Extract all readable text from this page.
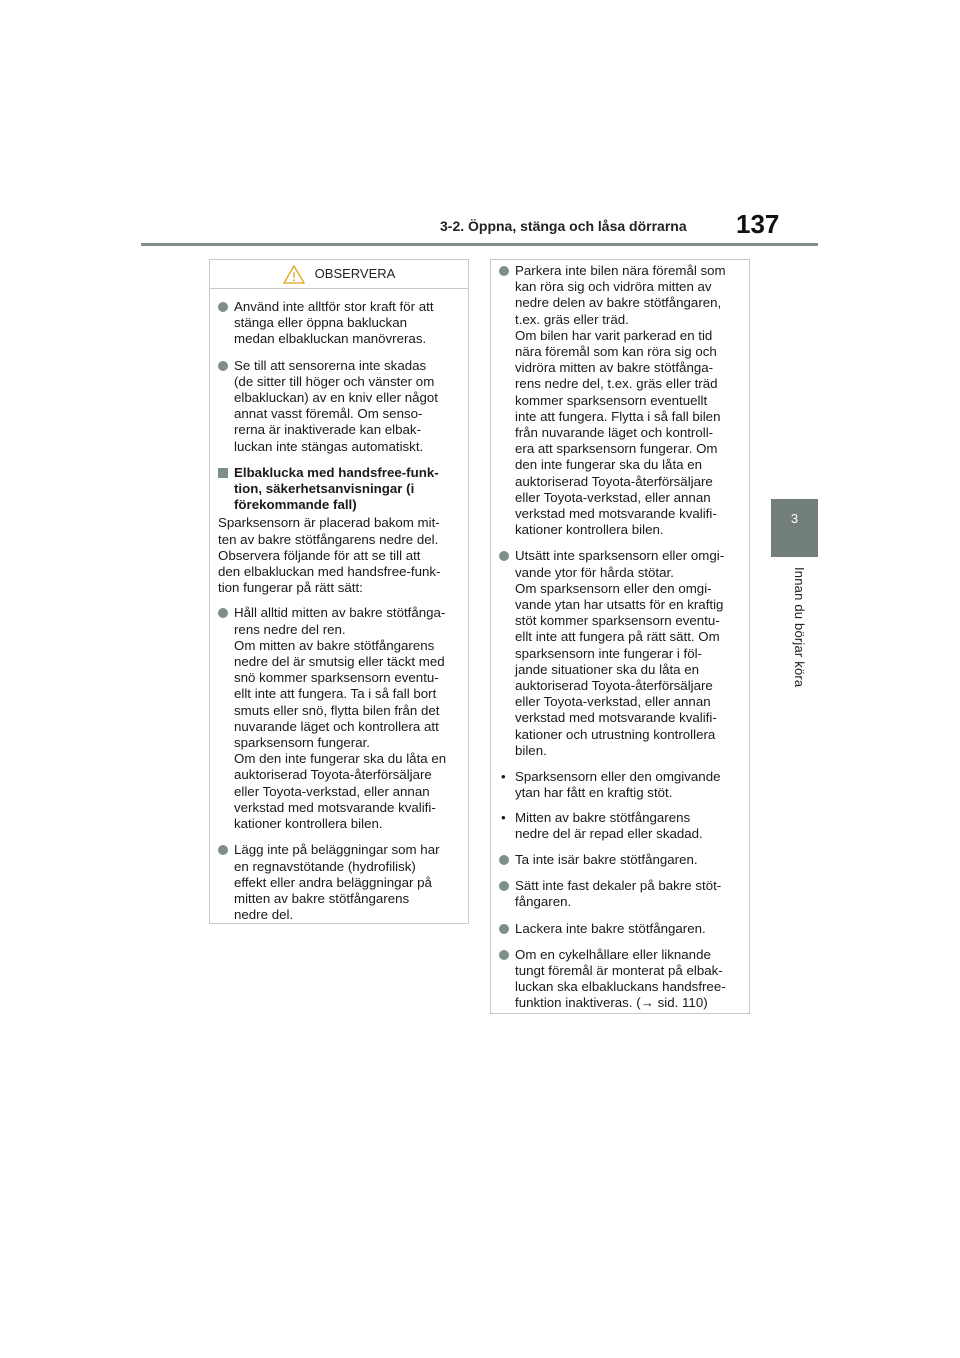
3-2. Öppna, stänga och låsa dörrarna 137
3
Innan du börjar köra
OBSERVERA
Använd inte alltför stor kraft för att
stänga eller öppna bakluckan
medan elbakluckan manövreras.
Se till att sensorerna inte skadas
(de sitter till höger och vänster om
elbakluckan) av en kniv eller något
annat vasst föremål. Om senso-
rerna är inaktiverade kan elbak-
luckan inte stängas automatiskt.
Elbaklucka med handsfree-funk-
tion, säkerhetsanvisningar (i
förekommande fall)
Sparksensorn är placerad bakom mit-
ten av bakre stötfångarens nedre del.
Observera följande för att se till att
den elbakluckan med handsfree-funk-
tion fungerar på rätt sätt:
Håll alltid mitten av bakre stötfånga-
rens nedre del ren.
Om mitten av bakre stötfångarens
nedre del är smutsig eller täckt med
snö kommer sparksensorn eventu-
ellt inte att fungera. Ta i så fall bort
smuts eller snö, flytta bilen från det
nuvarande läget och kontrollera att
sparksensorn fungerar.
Om den inte fungerar ska du låta en
auktoriserad Toyota-återförsäljare
eller Toyota-verkstad, eller annan
verkstad med motsvarande kvalifi-
kationer kontrollera bilen.
Lägg inte på beläggningar som har
en regnavstötande (hydrofilisk)
effekt eller andra beläggningar på
mitten av bakre stötfångarens
nedre del.
Parkera inte bilen nära föremål som
kan röra sig och vidröra mitten av
nedre delen av bakre stötfångaren,
t.ex. gräs eller träd.
Om bilen har varit parkerad en tid
nära föremål som kan röra sig och
vidröra mitten av bakre stötfånga-
rens nedre del, t.ex. gräs eller träd
kommer sparksensorn eventuellt
inte att fungera. Flytta i så fall bilen
från nuvarande läget och kontroll-
era att sparksensorn fungerar. Om
den inte fungerar ska du låta en
auktoriserad Toyota-återförsäljare
eller Toyota-verkstad, eller annan
verkstad med motsvarande kvalifi-
kationer kontrollera bilen.
Utsätt inte sparksensorn eller omgi-
vande ytor för hårda stötar.
Om sparksensorn eller den omgi-
vande ytan har utsatts för en kraftig
stöt kommer sparksensorn eventu-
ellt inte att fungera på rätt sätt. Om
sparksensorn inte fungerar i föl-
jande situationer ska du låta en
auktoriserad Toyota-återförsäljare
eller Toyota-verkstad, eller annan
verkstad med motsvarande kvalifi-
kationer och utrustning kontrollera
bilen.
• Sparksensorn eller den omgivande
ytan har fått en kraftig stöt.
• Mitten av bakre stötfångarens
nedre del är repad eller skadad.
Ta inte isär bakre stötfångaren.
Sätt inte fast dekaler på bakre stöt-
fångaren.
Lackera inte bakre stötfångaren.
Om en cykelhållare eller liknande
tungt föremål är monterat på elbak-
luckan ska elbakluckans handsfree-
funktion inaktiveras. (→ sid. 110)
